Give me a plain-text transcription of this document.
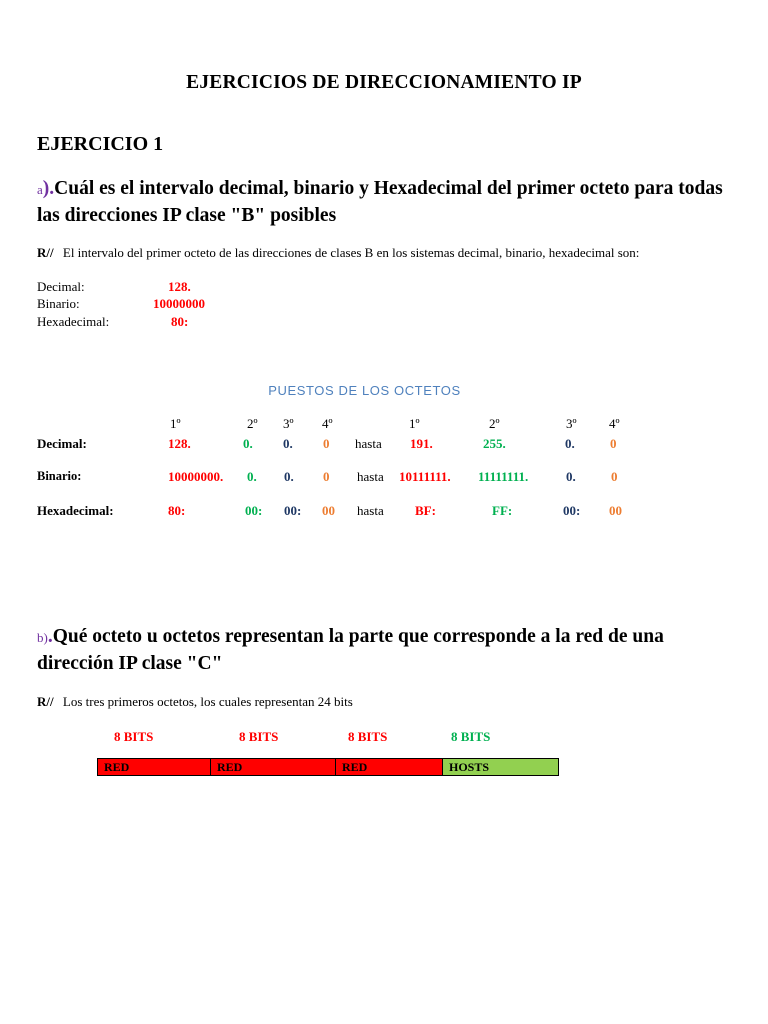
EJERCICIOS DE DIRECCIONAMIENTO IP
EJERCICIO 1
a).Cuál es el intervalo decimal, binario y Hexadecimal del primer octeto para todas las direcciones IP clase "B" posibles
R// El intervalo del primer octeto de las direcciones de clases B en los sistemas decimal, binario, hexadecimal son:
Decimal:	128.
Binario:	10000000
Hexadecimal:	80:
PUESTOS DE LOS OCTETOS
1º	2º 3º 4º	1º	2º	3º 4º
Decimal:	128.	0. 0. 0 hasta 191.	255.	0.	0
Binario:	10000000. 0. 0. 0 hasta 10111111. 11111111.	0.	0
Hexadecimal:	80:	00: 00: 00 hasta BF:	FF:	00: 00
b).Qué octeto u octetos representan la parte que corresponde a la red de una dirección IP clase "C"
R// Los tres primeros octetos, los cuales representan 24 bits
8 BITS	8 BITS	8 BITS	8 BITS
RED	RED	RED	HOSTS
